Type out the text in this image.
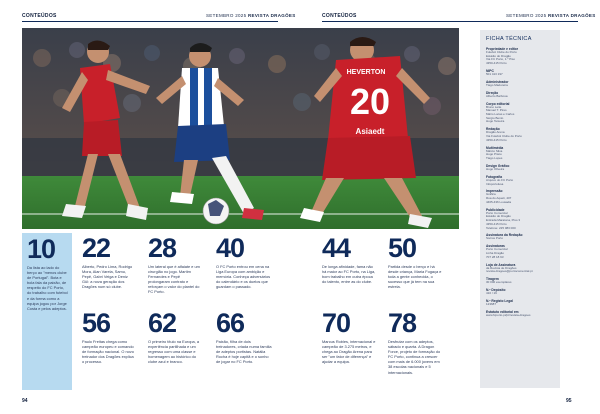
CONTEÚDOS	SETEMBRO 2025 REVISTA DRAGÕES	CONTEÚDOS	SETEMBRO 2025 REVISTA DRAGÕES
HEVERTON
20
Asiaedt
10
Da lista ao lado do berço ao "menos clube de Portugal". Bota e bola fala da paixão, de respeito do FC Porto, do trabalho com futebol e da forma como a equipa jogou por Jorge Costa e pelos adeptos.
22
Alberto, Pedro Lima, Rodrigo Mora, Alan Varela, Samu, Pepê, Gabri Veiga e Deniz Gül: a nova geração dos Dragões num só clube.
28
Um lateral que é alfaiate e um cirurgião no jogo. Martim Fernandes e Pepê prolongaram contrato e reforçam o valor do plantel do FC Porto.
40
O FC Porto entrou em cena na Liga Europa com ambição e memória. Conheça adversários do calendário e os duelos que guardam o passado.
44
De longa afinidade, fama não há maior ao FC Porto, na Liga, bom trabalho em outra época do talento, entre as do clube.
50
Partida desde o berço e há desde criança, Maria Fogaça e toda a gente conhecida, o sucesso que já tem na sua estreia.
56
Paulo Freitas chega como campeão europeu e comando de formação nacional. O novo treinador dos Dragões explica o processo.
62
O primeiro título na Europa, a experiência partilhada e um regresso com uma classe e homenagem ao histórico do clube azul e branco.
66
Paixão, filha de dois treinadores, criada numa família de adeptos portistas. Natália Rocha é hoje capitã e o sonho de jogar no FC Porto.
70
Marcus Robles, internacional e campeão de 3.275 metros, e chega ao Dragão Arena para ser "um fator de diferença" e ajudar a equipa.
78
Desfrutar com os adeptos, sábado e quarta. A Dragon Force, projeto de formação do FC Porto, continua a crescer com mais de 6.000 jovens em 38 escolas nacionais e 5 internacionais.
FICHA TÉCNICA
Propriedade e editor
Futebol Clube do Porto
Estádio do Dragão
Via FC Porto, 1.º Piso
4350-415 Porto
NIPC
501 413 197
Administrador
Tiago Madureira
Direção
Alberto Barbosa
Corpo editorial
Bruno Leite
Manuel T. Pires
Mário Lucas e Carlos
Sérgio Bento
Hugo Teixeira
Redação
Dragão Arena
Via Futebol Clube do Porto
4350-415 Porto
Multimédia
Márcio Silva
Hugo Prieto
Tiago Lopes
Design Gráfico
Hugo Oliveira
Fotografia
Arquivo do FC Porto
Infoportolusa
Impressão
Gráfica
Rua do Aqueli, 407
4465-436 Lousada
Publicidade
Porto Comercial
Estádio do Dragão
Entrada Maratona, Piso 3
4350-415 Porto
Telefone: 225 083 000
Assinatura da Redação
Sócios Porto
Assinaturas
Porto Comercial
Linha Dragão
707 28 18 93
Loja de Assinatura
da Revista de Dragões
revista.dragoes@portocomercial.pt
Tiragem
30 000 exemplares
N.º Depósito
410 / 19
N.º Registo Legal
123687
Estatuto editorial em
www.fcporto.pt/pt/revista-dragoes
94	95
